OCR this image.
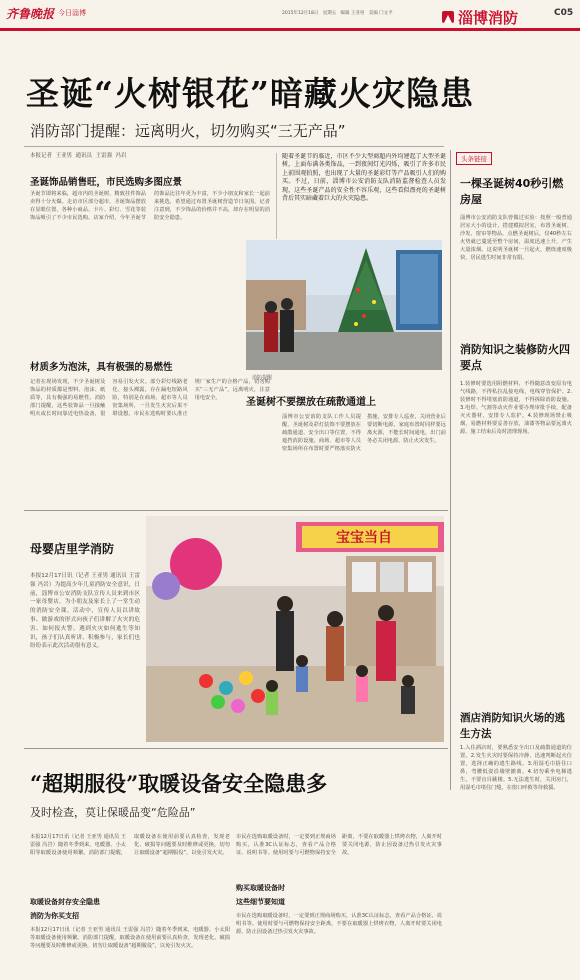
齐鲁晚报 今日淄博	2015年12月18日   星期五   编辑 王亚男   美编 门文平	淄博消防	C05
圣诞“火树银花”暗藏火灾隐患
消防部门提醒：远离明火，切勿购买“三无产品”
本报记者  王亚男  通讯员  王雷强  冯岩
圣诞饰品销售旺，市民选购多图应景
圣诞节即将来临，超市内的圣诞树、精致挂件饰品卖得十分火爆。走访市区部分超市，圣诞饰品摆放在显眼位置，各种小商品、卡片、彩灯、雪花等装饰品吸引了不少市民选购。店家介绍，今年圣诞节的饰品比往年更为丰富，不少小朋友和家长一起前来挑选，希望通过布置圣诞树营造节日氛围。记者注意到，不少饰品的价格并不高，却存在明显的消防安全隐患。
材质多为泡沫，具有极强的易燃性
记者在现场发现，不少圣诞树及饰品的材质都是塑料、泡沫、纸质等，具有极强的易燃性。消防部门提醒，这些装饰品一旦接触明火或长时间靠近电热设备，很容易引发火灾。部分彩灯线路老化、接头裸露，存在漏电短路风险，特别是在商场、超市等人员密集场所，一旦发生火灾后果不堪设想。市民在选购时要认准正规厂家生产的合格产品，切勿购买“三无产品”，远离明火，注意用电安全。
随着圣诞节的临近，市区不少大型商超内外均建起了大型圣诞树，上面布满各类饰品，一到夜间灯光闪烁，吸引了许多市民上前围观拍照，也出现了大量的圣诞彩灯等产品吸引人们的购买。不过，日前，淄博市公安消防支队消防监督检查人员发现，这些圣诞产品的安全性不容乐观，这些看似漂亮的圣诞树背后其实暗藏着巨大的火灾隐患。
消防提醒
圣诞树不要摆放在疏散通道上
淄博市公安消防支队工作人员提醒，圣诞树及彩灯装饰不要摆放在疏散通道、安全出口等位置，不得遮挡消防设施。商场、超市等人员密集场所在布置时要严格落实防火措施，安排专人巡查，关闭营业后要切断电源。家庭布置时同样要远离火源，不能长时间通电，出门前务必关闭电源，防止火灾发生。
头条链接
一棵圣诞树40秒引燃房屋
淄博市公安消防支队曾做过实验：按照一般普通居室大小的设计，搭建模拟居室，布置圣诞树、沙发、窗帘等物品，点燃圣诞树后，仅40秒左右火势就已蔓延至整个房间，温度迅速上升，产生大量浓烟。这说明圣诞树一旦起火，燃烧速度极快，居民逃生时间非常有限。
消防知识之装修防火四要点
1.装修时要选用阻燃材料，不得随意改变原有电气线路，不得私拉乱接电线，电线穿管保护。2.装修时不得堵塞消防通道，不得拆除消防设施。3.电焊、气割等动火作业要办理审批手续，配备灭火器材，安排专人监护。4.装修现场禁止吸烟，易燃材料要妥善存放，油漆等物品要远离火源，施工结束后及时清理现场。
酒店消防知识火场的逃生方法
1.入住酒店时，要熟悉安全出口及疏散通道的位置。2.发生火灾时要保持冷静，迅速判断起火位置，选择正确的逃生路线。3.用湿毛巾捂住口鼻，弯腰低姿沿墙壁撤离。4.切勿乘坐电梯逃生，不要盲目跳楼。5.无法逃生时，关闭房门，用湿毛巾堵住门缝，在窗口呼救等待救援。
母婴店里学消防
本报12月17日讯（记者 王亚男 通讯员 王雷强 冯岩）为提高少年儿童消防安全意识，日前，淄博市公安消防支队宣传人员来到市区一家母婴店，为小朋友及家长上了一堂生动的消防安全课。活动中，宣传人员以讲故事、做游戏的形式向孩子们讲解了火灾的危害、如何报火警、遇到火灾如何逃生等知识，孩子们认真听讲、积极参与，家长们也纷纷表示此次活动很有意义。
宝宝当自
“超期服役”取暖设备安全隐患多
及时检查，莫让保暖品变“危险品”
本报12月17日讯（记者 王亚男 通讯员 王雷强 冯岩）随着冬季到来，电暖器、小太阳等取暖设备使用频繁。消防部门提醒，取暖设备在使用前要认真检查，发现老化、破损等问题要及时维修或更换，切勿让取暖设备“超期服役”，以免引发火灾。
取暖设备封存安全隐患
消防为你买支招
购买取暖设备时
这些细节要知道
市民在选购取暖设备时，一定要到正规商场购买，认准3C认证标志，查看产品合格证、说明书等。使用时要与可燃物保持安全距离，不要在取暖器上烘烤衣物，人离开时要关闭电源，防止因设备过热引发火灾事故。
市民在选购取暖设备时，一定要到正规商场购买，认准3C认证标志，查看产品合格证、说明书等。使用时要与可燃物保持安全距离，不要在取暖器上烘烤衣物，人离开时要关闭电源，防止因设备过热引发火灾事故。
本报12月17日讯（记者 王亚男 通讯员 王雷强 冯岩）随着冬季到来，电暖器、小太阳等取暖设备使用频繁。消防部门提醒，取暖设备在使用前要认真检查，发现老化、破损等问题要及时维修或更换，切勿让取暖设备“超期服役”，以免引发火灾。
